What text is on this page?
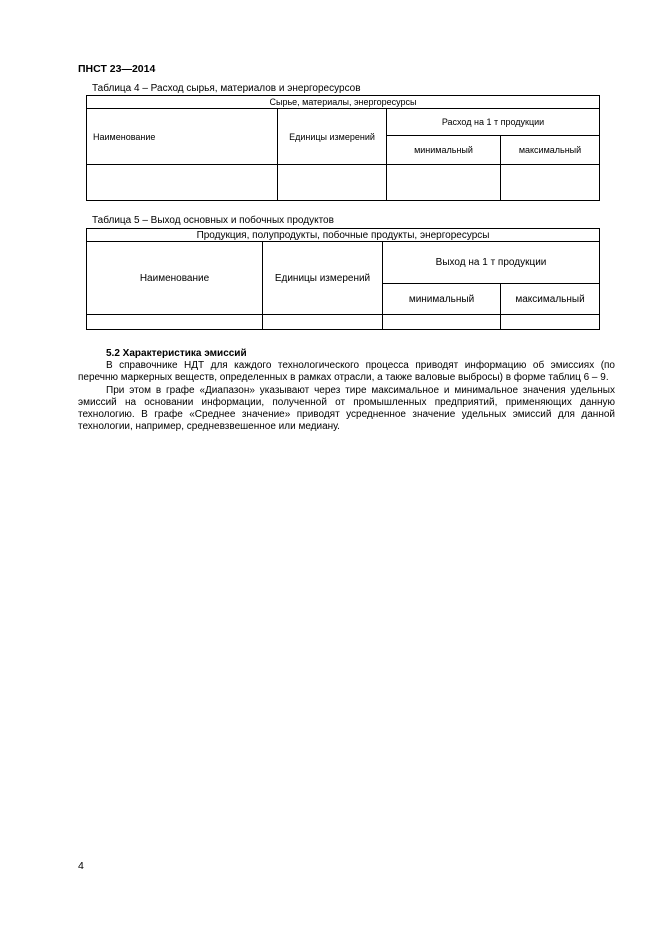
ПНСТ 23—2014
Таблица 4 – Расход сырья, материалов и энергоресурсов
Сырье, материалы, энергоресурсы			
Наименование	Единицы измерений	Расход на 1 т продукции	
		минимальный	максимальный

Таблица 5 – Выход основных и побочных продуктов
Продукция, полупродукты, побочные продукты, энергоресурсы			
Наименование	Единицы измерений	Выход на 1 т продукции	
		минимальный	максимальный

5.2 Характеристика эмиссий

В справочнике НДТ для каждого технологического процесса приводят информацию об эмиссиях (по перечню маркерных веществ, определенных в рамках отрасли, а также валовые выбросы) в форме таблиц 6 – 9.

При этом в графе «Диапазон» указывают через тире максимальное и минимальное значения удельных эмиссий на основании информации, полученной от промышленных предприятий, применяющих данную технологию. В графе «Среднее значение» приводят усредненное значение удельных эмиссий для данной технологии, например, средневзвешенное или медиану.

4
